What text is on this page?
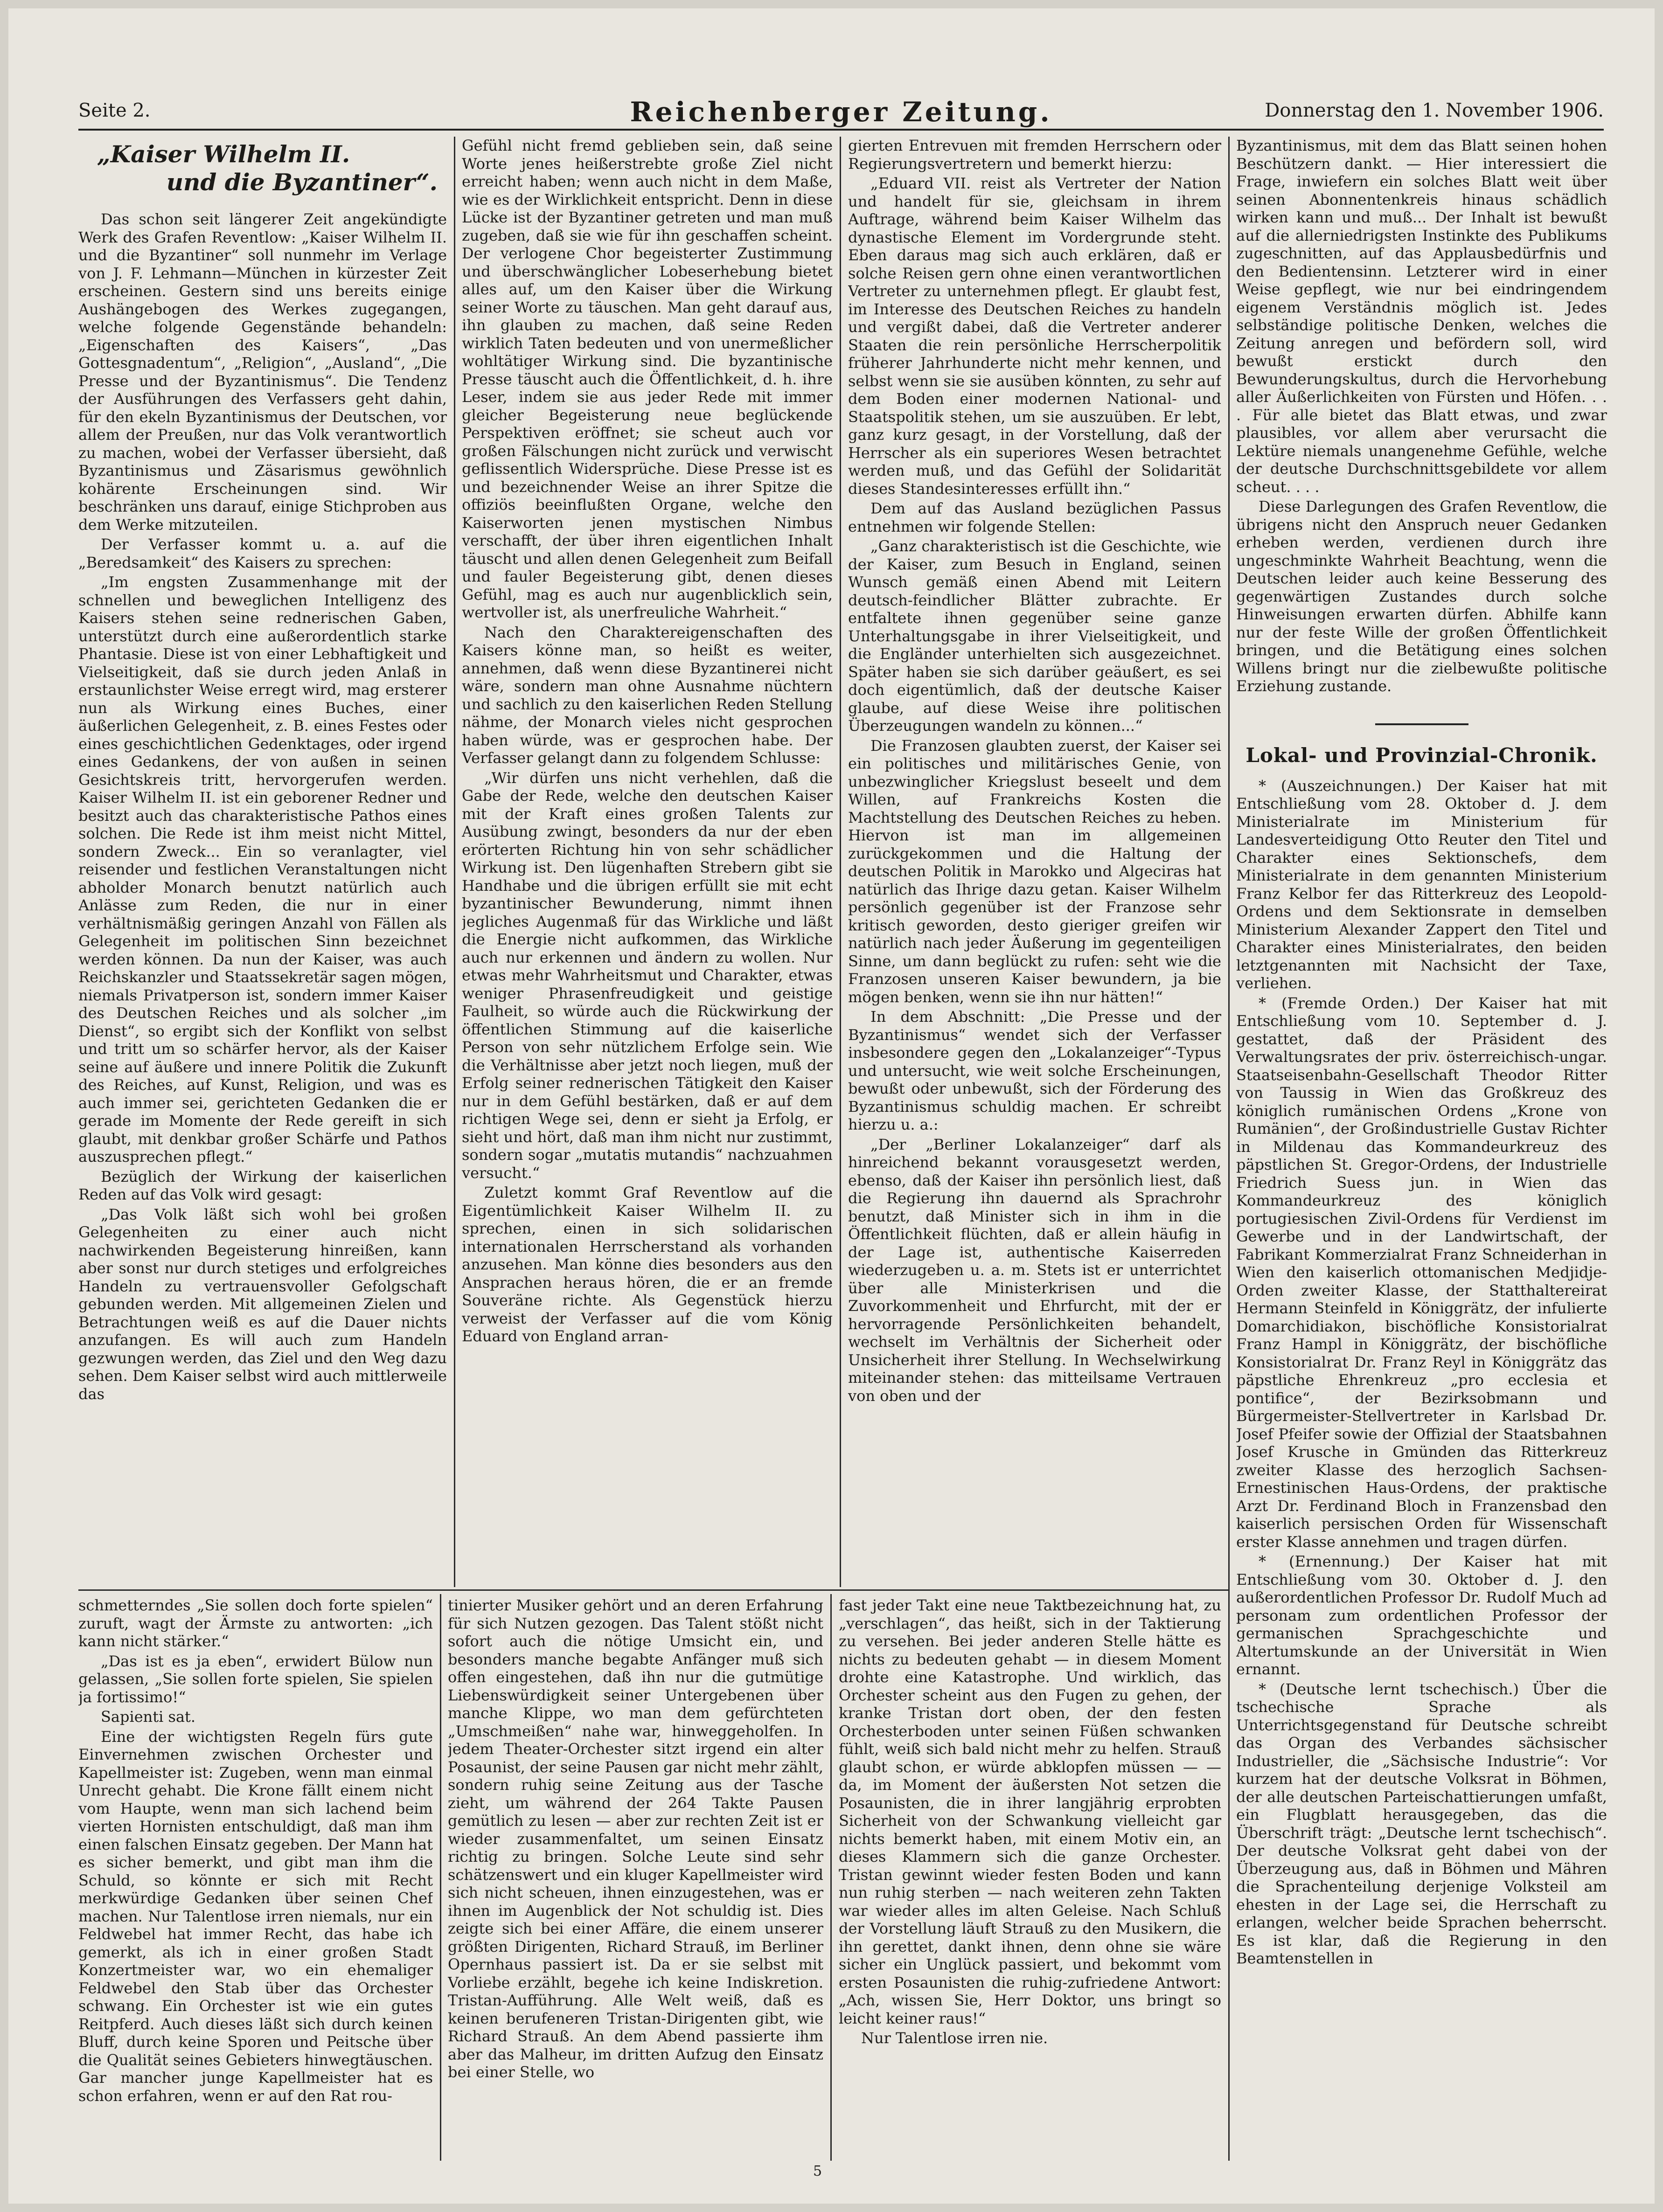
Seite 2.	Reichenberger Zeitung.	Donnerstag den 1. November 1906.
„Kaiser Wilhelm II.
und die Byzantiner“.

Das schon seit längerer Zeit angekündigte Werk des Grafen Reventlow: „Kaiser Wilhelm II. und die Byzantiner“ soll nunmehr im Verlage von J. F. Lehmann—München in kürzester Zeit erscheinen. Gestern sind uns bereits einige Aushängebogen des Werkes zugegangen, welche folgende Gegenstände behandeln: „Eigenschaften des Kaisers“, „Das Gottesgnadentum“, „Religion“, „Ausland“, „Die Presse und der Byzantinismus“. Die Tendenz der Ausführungen des Verfassers geht dahin, für den ekeln Byzantinismus der Deutschen, vor allem der Preußen, nur das Volk verantwortlich zu machen, wobei der Verfasser übersieht, daß Byzantinismus und Zäsarismus gewöhnlich kohärente Erscheinungen sind. Wir beschränken uns darauf, einige Stichproben aus dem Werke mitzuteilen.

Der Verfasser kommt u. a. auf die „Beredsamkeit“ des Kaisers zu sprechen:

„Im engsten Zusammenhange mit der schnellen und beweglichen Intelligenz des Kaisers stehen seine rednerischen Gaben, unterstützt durch eine außerordentlich starke Phantasie. Diese ist von einer Lebhaftigkeit und Vielseitigkeit, daß sie durch jeden Anlaß in erstaunlichster Weise erregt wird, mag ersterer nun als Wirkung eines Buches, einer äußerlichen Gelegenheit, z. B. eines Festes oder eines geschichtlichen Gedenktages, oder irgend eines Gedankens, der von außen in seinen Gesichtskreis tritt, hervorgerufen werden. Kaiser Wilhelm II. ist ein geborener Redner und besitzt auch das charakteristische Pathos eines solchen. Die Rede ist ihm meist nicht Mittel, sondern Zweck... Ein so veranlagter, viel reisender und festlichen Veranstaltungen nicht abholder Monarch benutzt natürlich auch Anlässe zum Reden, die nur in einer verhältnismäßig geringen Anzahl von Fällen als Gelegenheit im politischen Sinn bezeichnet werden können. Da nun der Kaiser, was auch Reichskanzler und Staatssekretär sagen mögen, niemals Privatperson ist, sondern immer Kaiser des Deutschen Reiches und als solcher „im Dienst“, so ergibt sich der Konflikt von selbst und tritt um so schärfer hervor, als der Kaiser seine auf äußere und innere Politik die Zukunft des Reiches, auf Kunst, Religion, und was es auch immer sei, gerichteten Gedanken die er gerade im Momente der Rede gereift in sich glaubt, mit denkbar großer Schärfe und Pathos auszusprechen pflegt.“

Bezüglich der Wirkung der kaiserlichen Reden auf das Volk wird gesagt:

„Das Volk läßt sich wohl bei großen Gelegenheiten zu einer auch nicht nachwirkenden Begeisterung hinreißen, kann aber sonst nur durch stetiges und erfolgreiches Handeln zu vertrauensvoller Gefolgschaft gebunden werden. Mit allgemeinen Zielen und Betrachtungen weiß es auf die Dauer nichts anzufangen. Es will auch zum Handeln gezwungen werden, das Ziel und den Weg dazu sehen. Dem Kaiser selbst wird auch mittlerweile das

Gefühl nicht fremd geblieben sein, daß seine Worte jenes heißerstrebte große Ziel nicht erreicht haben; wenn auch nicht in dem Maße, wie es der Wirklichkeit entspricht. Denn in diese Lücke ist der Byzantiner getreten und man muß zugeben, daß sie wie für ihn geschaffen scheint. Der verlogene Chor begeisterter Zustimmung und überschwänglicher Lobeserhebung bietet alles auf, um den Kaiser über die Wirkung seiner Worte zu täuschen. Man geht darauf aus, ihn glauben zu machen, daß seine Reden wirklich Taten bedeuten und von unermeßlicher wohltätiger Wirkung sind. Die byzantinische Presse täuscht auch die Öffentlichkeit, d. h. ihre Leser, indem sie aus jeder Rede mit immer gleicher Begeisterung neue beglückende Perspektiven eröffnet; sie scheut auch vor großen Fälschungen nicht zurück und verwischt geflissentlich Widersprüche. Diese Presse ist es und bezeichnender Weise an ihrer Spitze die offiziös beeinflußten Organe, welche den Kaiserworten jenen mystischen Nimbus verschafft, der über ihren eigentlichen Inhalt täuscht und allen denen Gelegenheit zum Beifall und fauler Begeisterung gibt, denen dieses Gefühl, mag es auch nur augenblicklich sein, wertvoller ist, als unerfreuliche Wahrheit.“

Nach den Charaktereigenschaften des Kaisers könne man, so heißt es weiter, annehmen, daß wenn diese Byzantinerei nicht wäre, sondern man ohne Ausnahme nüchtern und sachlich zu den kaiserlichen Reden Stellung nähme, der Monarch vieles nicht gesprochen haben würde, was er gesprochen habe. Der Verfasser gelangt dann zu folgendem Schlusse:

„Wir dürfen uns nicht verhehlen, daß die Gabe der Rede, welche den deutschen Kaiser mit der Kraft eines großen Talents zur Ausübung zwingt, besonders da nur der eben erörterten Richtung hin von sehr schädlicher Wirkung ist. Den lügenhaften Strebern gibt sie Handhabe und die übrigen erfüllt sie mit echt byzantinischer Bewunderung, nimmt ihnen jegliches Augenmaß für das Wirkliche und läßt die Energie nicht aufkommen, das Wirkliche auch nur erkennen und ändern zu wollen. Nur etwas mehr Wahrheitsmut und Charakter, etwas weniger Phrasenfreudigkeit und geistige Faulheit, so würde auch die Rückwirkung der öffentlichen Stimmung auf die kaiserliche Person von sehr nützlichem Erfolge sein. Wie die Verhältnisse aber jetzt noch liegen, muß der Erfolg seiner rednerischen Tätigkeit den Kaiser nur in dem Gefühl bestärken, daß er auf dem richtigen Wege sei, denn er sieht ja Erfolg, er sieht und hört, daß man ihm nicht nur zustimmt, sondern sogar „mutatis mutandis“ nachzuahmen versucht.“

Zuletzt kommt Graf Reventlow auf die Eigentümlichkeit Kaiser Wilhelm II. zu sprechen, einen in sich solidarischen internationalen Herrscherstand als vorhanden anzusehen. Man könne dies besonders aus den Ansprachen heraus hören, die er an fremde Souveräne richte. Als Gegenstück hierzu verweist der Verfasser auf die vom König Eduard von England arran-

gierten Entrevuen mit fremden Herrschern oder Regierungsvertretern und bemerkt hierzu:

„Eduard VII. reist als Vertreter der Nation und handelt für sie, gleichsam in ihrem Auftrage, während beim Kaiser Wilhelm das dynastische Element im Vordergrunde steht. Eben daraus mag sich auch erklären, daß er solche Reisen gern ohne einen verantwortlichen Vertreter zu unternehmen pflegt. Er glaubt fest, im Interesse des Deutschen Reiches zu handeln und vergißt dabei, daß die Vertreter anderer Staaten die rein persönliche Herrscherpolitik früherer Jahrhunderte nicht mehr kennen, und selbst wenn sie sie ausüben könnten, zu sehr auf dem Boden einer modernen National- und Staatspolitik stehen, um sie auszuüben. Er lebt, ganz kurz gesagt, in der Vorstellung, daß der Herrscher als ein superiores Wesen betrachtet werden muß, und das Gefühl der Solidarität dieses Standesinteresses erfüllt ihn.“

Dem auf das Ausland bezüglichen Passus entnehmen wir folgende Stellen:

„Ganz charakteristisch ist die Geschichte, wie der Kaiser, zum Besuch in England, seinen Wunsch gemäß einen Abend mit Leitern deutsch-feindlicher Blätter zubrachte. Er entfaltete ihnen gegenüber seine ganze Unterhaltungsgabe in ihrer Vielseitigkeit, und die Engländer unterhielten sich ausgezeichnet. Später haben sie sich darüber geäußert, es sei doch eigentümlich, daß der deutsche Kaiser glaube, auf diese Weise ihre politischen Überzeugungen wandeln zu können...“

Die Franzosen glaubten zuerst, der Kaiser sei ein politisches und militärisches Genie, von unbezwinglicher Kriegslust beseelt und dem Willen, auf Frankreichs Kosten die Machtstellung des Deutschen Reiches zu heben. Hiervon ist man im allgemeinen zurückgekommen und die Haltung der deutschen Politik in Marokko und Algeciras hat natürlich das Ihrige dazu getan. Kaiser Wilhelm persönlich gegenüber ist der Franzose sehr kritisch geworden, desto gieriger greifen wir natürlich nach jeder Äußerung im gegenteiligen Sinne, um dann beglückt zu rufen: seht wie die Franzosen unseren Kaiser bewundern, ja bie mögen benken, wenn sie ihn nur hätten!“

In dem Abschnitt: „Die Presse und der Byzantinismus“ wendet sich der Verfasser insbesondere gegen den „Lokalanzeiger“-Typus und untersucht, wie weit solche Erscheinungen, bewußt oder unbewußt, sich der Förderung des Byzantinismus schuldig machen. Er schreibt hierzu u. a.:

„Der „Berliner Lokalanzeiger“ darf als hinreichend bekannt vorausgesetzt werden, ebenso, daß der Kaiser ihn persönlich liest, daß die Regierung ihn dauernd als Sprachrohr benutzt, daß Minister sich in ihm in die Öffentlichkeit flüchten, daß er allein häufig in der Lage ist, authentische Kaiserreden wiederzugeben u. a. m. Stets ist er unterrichtet über alle Ministerkrisen und die Zuvorkommenheit und Ehrfurcht, mit der er hervorragende Persönlichkeiten behandelt, wechselt im Verhältnis der Sicherheit oder Unsicherheit ihrer Stellung. In Wechselwirkung miteinander stehen: das mitteilsame Vertrauen von oben und der

Byzantinismus, mit dem das Blatt seinen hohen Beschützern dankt. — Hier interessiert die Frage, inwiefern ein solches Blatt weit über seinen Abonnentenkreis hinaus schädlich wirken kann und muß... Der Inhalt ist bewußt auf die allerniedrigsten Instinkte des Publikums zugeschnitten, auf das Applausbedürfnis und den Bedientensinn. Letzterer wird in einer Weise gepflegt, wie nur bei eindringendem eigenem Verständnis möglich ist. Jedes selbständige politische Denken, welches die Zeitung anregen und befördern soll, wird bewußt erstickt durch den Bewunderungskultus, durch die Hervorhebung aller Äußerlichkeiten von Fürsten und Höfen. . . . Für alle bietet das Blatt etwas, und zwar plausibles, vor allem aber verursacht die Lektüre niemals unangenehme Gefühle, welche der deutsche Durchschnittsgebildete vor allem scheut. . . .

Diese Darlegungen des Grafen Reventlow, die übrigens nicht den Anspruch neuer Gedanken erheben werden, verdienen durch ihre ungeschminkte Wahrheit Beachtung, wenn die Deutschen leider auch keine Besserung des gegenwärtigen Zustandes durch solche Hinweisungen erwarten dürfen. Abhilfe kann nur der feste Wille der großen Öffentlichkeit bringen, und die Betätigung eines solchen Willens bringt nur die zielbewußte politische Erziehung zustande.

Lokal- und Provinzial-Chronik.

* (Auszeichnungen.) Der Kaiser hat mit Entschließung vom 28. Oktober d. J. dem Ministerialrate im Ministerium für Landesverteidigung Otto Reuter den Titel und Charakter eines Sektionschefs, dem Ministerialrate in dem genannten Ministerium Franz Kelbor fer das Ritterkreuz des Leopold-Ordens und dem Sektionsrate in demselben Ministerium Alexander Zappert den Titel und Charakter eines Ministerialrates, den beiden letztgenannten mit Nachsicht der Taxe, verliehen.

* (Fremde Orden.) Der Kaiser hat mit Entschließung vom 10. September d. J. gestattet, daß der Präsident des Verwaltungsrates der priv. österreichisch-ungar. Staatseisenbahn-Gesellschaft Theodor Ritter von Taussig in Wien das Großkreuz des königlich rumänischen Ordens „Krone von Rumänien“, der Großindustrielle Gustav Richter in Mildenau das Kommandeurkreuz des päpstlichen St. Gregor-Ordens, der Industrielle Friedrich Suess jun. in Wien das Kommandeurkreuz des königlich portugiesischen Zivil-Ordens für Verdienst im Gewerbe und in der Landwirtschaft, der Fabrikant Kommerzialrat Franz Schneiderhan in Wien den kaiserlich ottomanischen Medjidje-Orden zweiter Klasse, der Statthaltereirat Hermann Steinfeld in Königgrätz, der infulierte Domarchidiakon, bischöfliche Konsistorialrat Franz Hampl in Königgrätz, der bischöfliche Konsistorialrat Dr. Franz Reyl in Königgrätz das päpstliche Ehrenkreuz „pro ecclesia et pontifice“, der Bezirksobmann und Bürgermeister-Stellvertreter in Karlsbad Dr. Josef Pfeifer sowie der Offizial der Staatsbahnen Josef Krusche in Gmünden das Ritterkreuz zweiter Klasse des herzoglich Sachsen-Ernestinischen Haus-Ordens, der praktische Arzt Dr. Ferdinand Bloch in Franzensbad den kaiserlich persischen Orden für Wissenschaft erster Klasse annehmen und tragen dürfen.

* (Ernennung.) Der Kaiser hat mit Entschließung vom 30. Oktober d. J. den außerordentlichen Professor Dr. Rudolf Much ad personam zum ordentlichen Professor der germanischen Sprachgeschichte und Altertumskunde an der Universität in Wien ernannt.

* (Deutsche lernt tschechisch.) Über die tschechische Sprache als Unterrichtsgegenstand für Deutsche schreibt das Organ des Verbandes sächsischer Industrieller, die „Sächsische Industrie“: Vor kurzem hat der deutsche Volksrat in Böhmen, der alle deutschen Parteischattierungen umfaßt, ein Flugblatt herausgegeben, das die Überschrift trägt: „Deutsche lernt tschechisch“. Der deutsche Volksrat geht dabei von der Überzeugung aus, daß in Böhmen und Mähren die Sprachenteilung derjenige Volksteil am ehesten in der Lage sei, die Herrschaft zu erlangen, welcher beide Sprachen beherrscht. Es ist klar, daß die Regierung in den Beamtenstellen in

schmetterndes „Sie sollen doch forte spielen“ zuruft, wagt der Ärmste zu antworten: „ich kann nicht stärker.“

„Das ist es ja eben“, erwidert Bülow nun gelassen, „Sie sollen forte spielen, Sie spielen ja fortissimo!“

Sapienti sat.

Eine der wichtigsten Regeln fürs gute Einvernehmen zwischen Orchester und Kapellmeister ist: Zugeben, wenn man einmal Unrecht gehabt. Die Krone fällt einem nicht vom Haupte, wenn man sich lachend beim vierten Hornisten entschuldigt, daß man ihm einen falschen Einsatz gegeben. Der Mann hat es sicher bemerkt, und gibt man ihm die Schuld, so könnte er sich mit Recht merkwürdige Gedanken über seinen Chef machen. Nur Talentlose irren niemals, nur ein Feldwebel hat immer Recht, das habe ich gemerkt, als ich in einer großen Stadt Konzertmeister war, wo ein ehemaliger Feldwebel den Stab über das Orchester schwang. Ein Orchester ist wie ein gutes Reitpferd. Auch dieses läßt sich durch keinen Bluff, durch keine Sporen und Peitsche über die Qualität seines Gebieters hinwegtäuschen. Gar mancher junge Kapellmeister hat es schon erfahren, wenn er auf den Rat rou-

tinierter Musiker gehört und an deren Erfahrung für sich Nutzen gezogen. Das Talent stößt nicht sofort auch die nötige Umsicht ein, und besonders manche begabte Anfänger muß sich offen eingestehen, daß ihn nur die gutmütige Liebenswürdigkeit seiner Untergebenen über manche Klippe, wo man dem gefürchteten „Umschmeißen“ nahe war, hinweggeholfen. In jedem Theater-Orchester sitzt irgend ein alter Posaunist, der seine Pausen gar nicht mehr zählt, sondern ruhig seine Zeitung aus der Tasche zieht, um während der 264 Takte Pausen gemütlich zu lesen — aber zur rechten Zeit ist er wieder zusammenfaltet, um seinen Einsatz richtig zu bringen. Solche Leute sind sehr schätzenswert und ein kluger Kapellmeister wird sich nicht scheuen, ihnen einzugestehen, was er ihnen im Augenblick der Not schuldig ist. Dies zeigte sich bei einer Affäre, die einem unserer größten Dirigenten, Richard Strauß, im Berliner Opernhaus passiert ist. Da er sie selbst mit Vorliebe erzählt, begehe ich keine Indiskretion. Tristan-Aufführung. Alle Welt weiß, daß es keinen berufeneren Tristan-Dirigenten gibt, wie Richard Strauß. An dem Abend passierte ihm aber das Malheur, im dritten Aufzug den Einsatz bei einer Stelle, wo

fast jeder Takt eine neue Taktbezeichnung hat, zu „verschlagen“, das heißt, sich in der Taktierung zu versehen. Bei jeder anderen Stelle hätte es nichts zu bedeuten gehabt — in diesem Moment drohte eine Katastrophe. Und wirklich, das Orchester scheint aus den Fugen zu gehen, der kranke Tristan dort oben, der den festen Orchesterboden unter seinen Füßen schwanken fühlt, weiß sich bald nicht mehr zu helfen. Strauß glaubt schon, er würde abklopfen müssen — — da, im Moment der äußersten Not setzen die Posaunisten, die in ihrer langjährig erprobten Sicherheit von der Schwankung vielleicht gar nichts bemerkt haben, mit einem Motiv ein, an dieses Klammern sich die ganze Orchester. Tristan gewinnt wieder festen Boden und kann nun ruhig sterben — nach weiteren zehn Takten war wieder alles im alten Geleise. Nach Schluß der Vorstellung läuft Strauß zu den Musikern, die ihn gerettet, dankt ihnen, denn ohne sie wäre sicher ein Unglück passiert, und bekommt vom ersten Posaunisten die ruhig-zufriedene Antwort: „Ach, wissen Sie, Herr Doktor, uns bringt so leicht keiner raus!“

Nur Talentlose irren nie.

5
